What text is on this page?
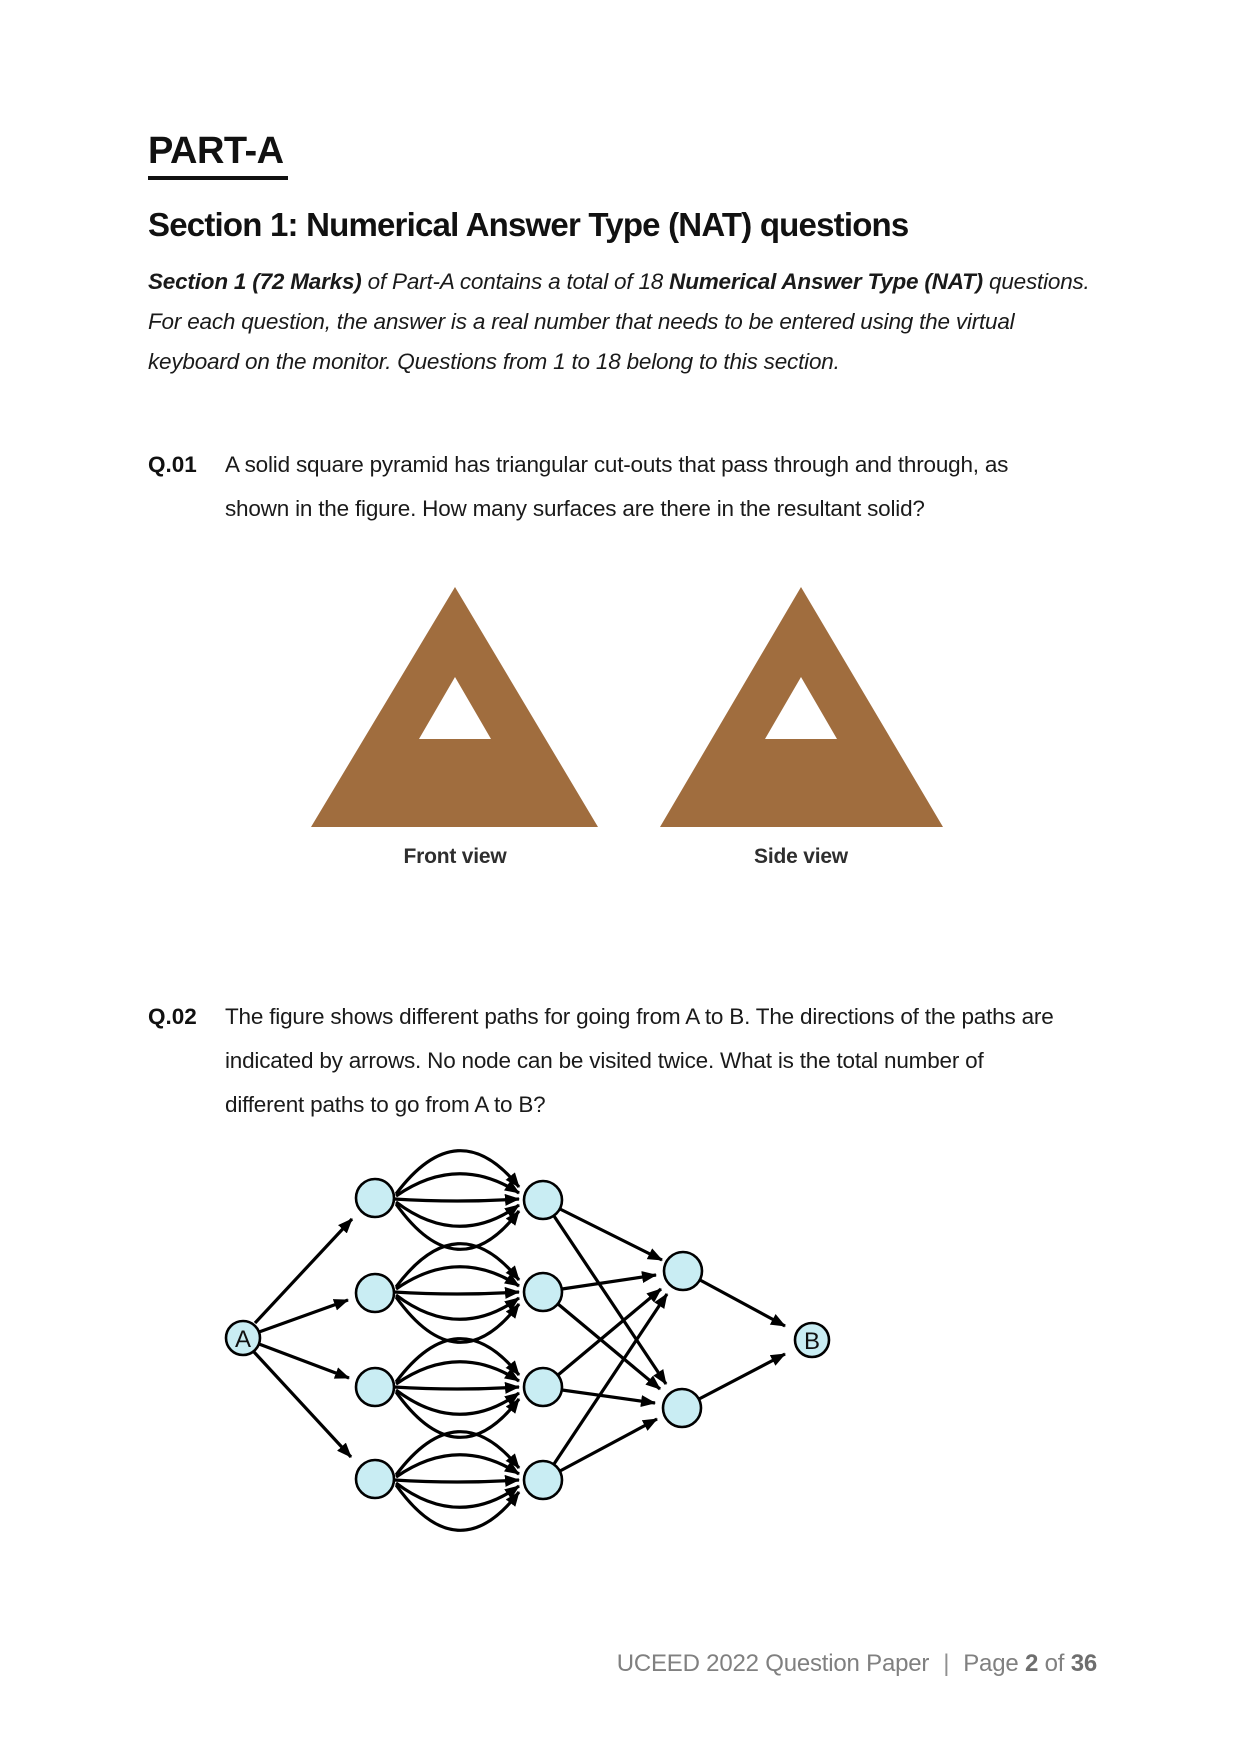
PART-A
Section 1: Numerical Answer Type (NAT) questions
Section 1 (72 Marks) of Part-A contains a total of 18 Numerical Answer Type (NAT) questions. For each question, the answer is a real number that needs to be entered using the virtual keyboard on the monitor. Questions from 1 to 18 belong to this section.
Q.01	A solid square pyramid has triangular cut-outs that pass through and through, as shown in the figure. How many surfaces are there in the resultant solid?
Front view	Side view
Q.02	The figure shows different paths for going from A to B. The directions of the paths are indicated by arrows. No node can be visited twice. What is the total number of different paths to go from A to B?
A	B
UCEED 2022 Question Paper | Page 2 of 36
